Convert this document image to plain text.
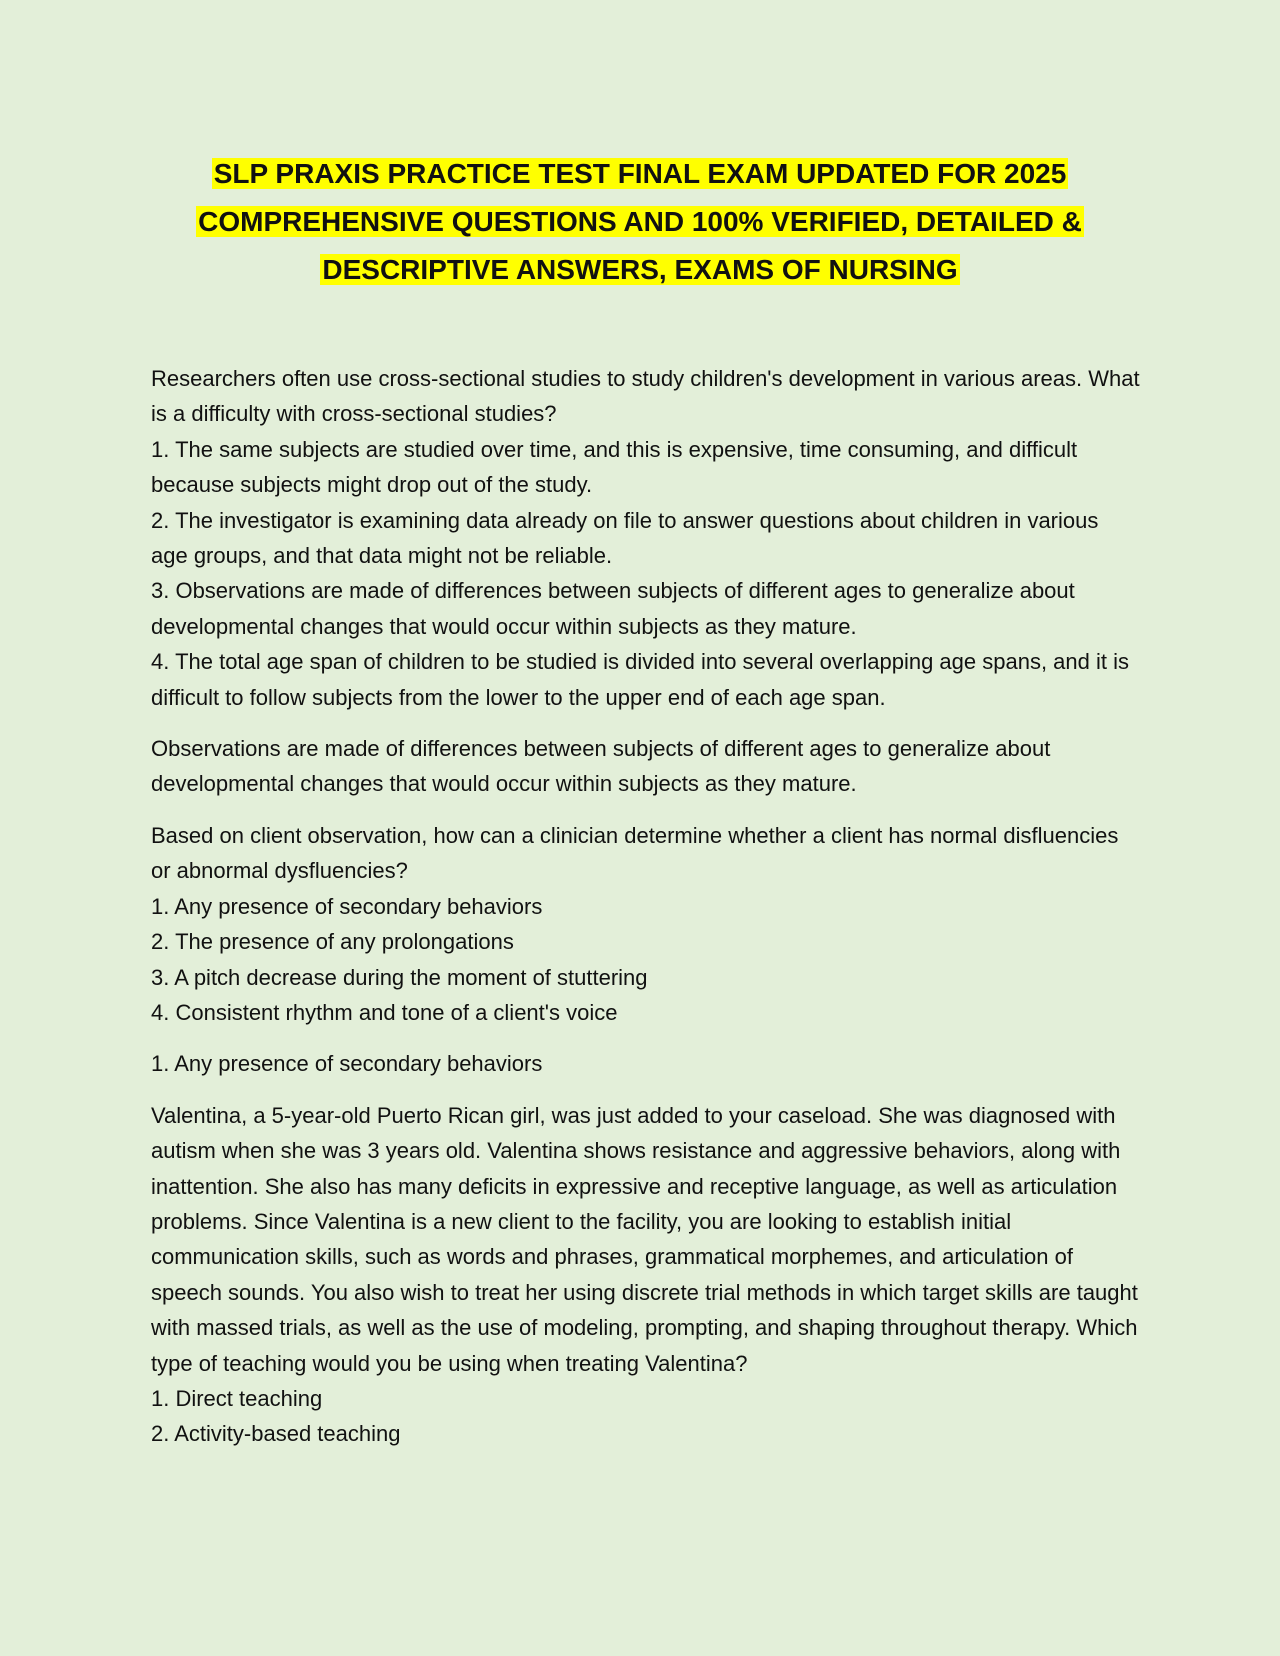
SLP PRAXIS PRACTICE TEST FINAL EXAM UPDATED FOR 2025
COMPREHENSIVE QUESTIONS AND 100% VERIFIED, DETAILED &
DESCRIPTIVE ANSWERS, EXAMS OF NURSING

Researchers often use cross-sectional studies to study children's development in various areas. What is a difficulty with cross-sectional studies?

1. The same subjects are studied over time, and this is expensive, time consuming, and difficult because subjects might drop out of the study.

2. The investigator is examining data already on file to answer questions about children in various age groups, and that data might not be reliable.

3. Observations are made of differences between subjects of different ages to generalize about developmental changes that would occur within subjects as they mature.

4. The total age span of children to be studied is divided into several overlapping age spans, and it is difficult to follow subjects from the lower to the upper end of each age span.

Observations are made of differences between subjects of different ages to generalize about developmental changes that would occur within subjects as they mature.

Based on client observation, how can a clinician determine whether a client has normal disfluencies or abnormal dysfluencies?

1. Any presence of secondary behaviors

2. The presence of any prolongations

3. A pitch decrease during the moment of stuttering

4. Consistent rhythm and tone of a client's voice

1. Any presence of secondary behaviors

Valentina, a 5-year-old Puerto Rican girl, was just added to your caseload. She was diagnosed with autism when she was 3 years old. Valentina shows resistance and aggressive behaviors, along with inattention. She also has many deficits in expressive and receptive language, as well as articulation problems. Since Valentina is a new client to the facility, you are looking to establish initial communication skills, such as words and phrases, grammatical morphemes, and articulation of speech sounds. You also wish to treat her using discrete trial methods in which target skills are taught with massed trials, as well as the use of modeling, prompting, and shaping throughout therapy. Which type of teaching would you be using when treating Valentina?

1. Direct teaching

2. Activity-based teaching
